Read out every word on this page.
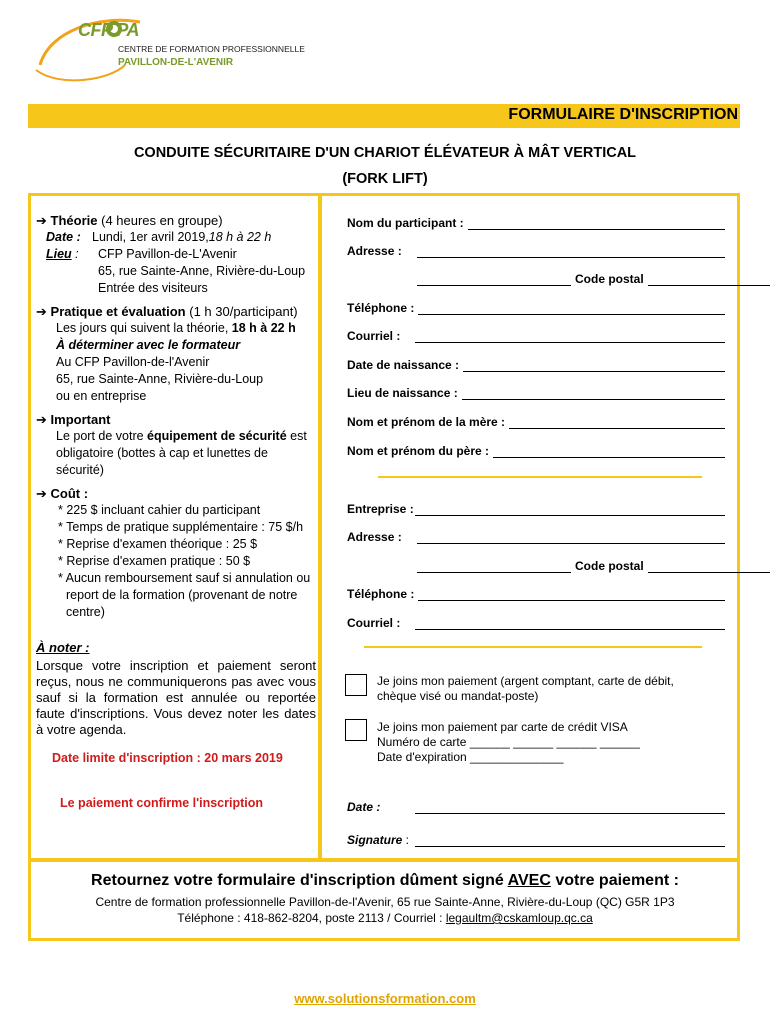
CFP PA
CENTRE DE FORMATION PROFESSIONNELLE
PAVILLON-DE-L'AVENIR
FORMULAIRE D'INSCRIPTION
CONDUITE SÉCURITAIRE D'UN CHARIOT ÉLÉVATEUR À MÂT VERTICAL
(FORK LIFT)
➔ Théorie (4 heures en groupe)
Date : Lundi, 1er avril 2019, 18 h à 22 h
Lieu :	CFP Pavillon-de-L'Avenir
65, rue Sainte-Anne, Rivière-du-Loup
Entrée des visiteurs
➔ Pratique et évaluation (1 h 30/participant)
Les jours qui suivent la théorie, 18 h à 22 h
À déterminer avec le formateur
Au CFP Pavillon-de-l'Avenir
65, rue Sainte-Anne, Rivière-du-Loup
ou en entreprise
➔ Important
Le port de votre équipement de sécurité est
obligatoire (bottes à cap et lunettes de sécurité)
➔ Coût :
* 225 $ incluant cahier du participant
* Temps de pratique supplémentaire : 75 $/h
* Reprise d'examen théorique : 25 $
* Reprise d'examen pratique : 50 $
* Aucun remboursement sauf si annulation ou
report de la formation (provenant de notre
centre)
À noter :
Lorsque votre inscription et paiement seront reçus, nous ne communiquerons pas avec vous sauf si la formation est annulée ou reportée faute d'inscriptions. Vous devez noter les dates à votre agenda.
Date limite d'inscription : 20 mars 2019
Le paiement confirme l'inscription
Nom du participant :
Adresse :
Code postal
Téléphone :
Courriel :
Date de naissance :
Lieu de naissance :
Nom et prénom de la mère :
Nom et prénom du père :
Entreprise :
Adresse :
Code postal
Téléphone :
Courriel :
Je joins mon paiement (argent comptant, carte de débit, chèque visé ou mandat-poste)
Je joins mon paiement par carte de crédit VISA
Numéro de carte ______ ______ ______ ______
Date d'expiration ______________
Date :
Signature :
Retournez votre formulaire d'inscription dûment signé AVEC votre paiement :
Centre de formation professionnelle Pavillon-de-l'Avenir, 65 rue Sainte-Anne, Rivière-du-Loup (QC) G5R 1P3
Téléphone : 418-862-8204, poste 2113 / Courriel : legaultm@cskamloup.qc.ca
www.solutionsformation.com
